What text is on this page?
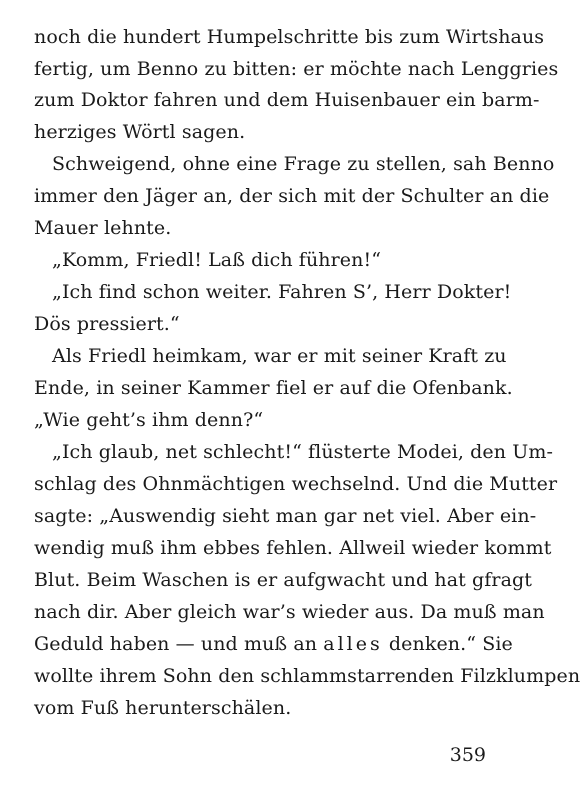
noch die hundert Humpelschritte bis zum Wirtshaus
fertig, um Benno zu bitten: er möchte nach Lenggries
zum Doktor fahren und dem Huisenbauer ein barm-
herziges Wörtl sagen.
Schweigend, ohne eine Frage zu stellen, sah Benno
immer den Jäger an, der sich mit der Schulter an die
Mauer lehnte.
„Komm, Friedl! Laß dich führen!“
„Ich find schon weiter. Fahren S’, Herr Dokter!
Dös pressiert.“
Als Friedl heimkam, war er mit seiner Kraft zu
Ende, in seiner Kammer fiel er auf die Ofenbank.
„Wie geht’s ihm denn?“
„Ich glaub, net schlecht!“ flüsterte Modei, den Um-
schlag des Ohnmächtigen wechselnd. Und die Mutter
sagte: „Auswendig sieht man gar net viel. Aber ein-
wendig muß ihm ebbes fehlen. Allweil wieder kommt
Blut. Beim Waschen is er aufgwacht und hat gfragt
nach dir. Aber gleich war’s wieder aus. Da muß man
Geduld haben — und muß an alles denken.“ Sie
wollte ihrem Sohn den schlammstarrenden Filzklumpen
vom Fuß herunterschälen.
359
